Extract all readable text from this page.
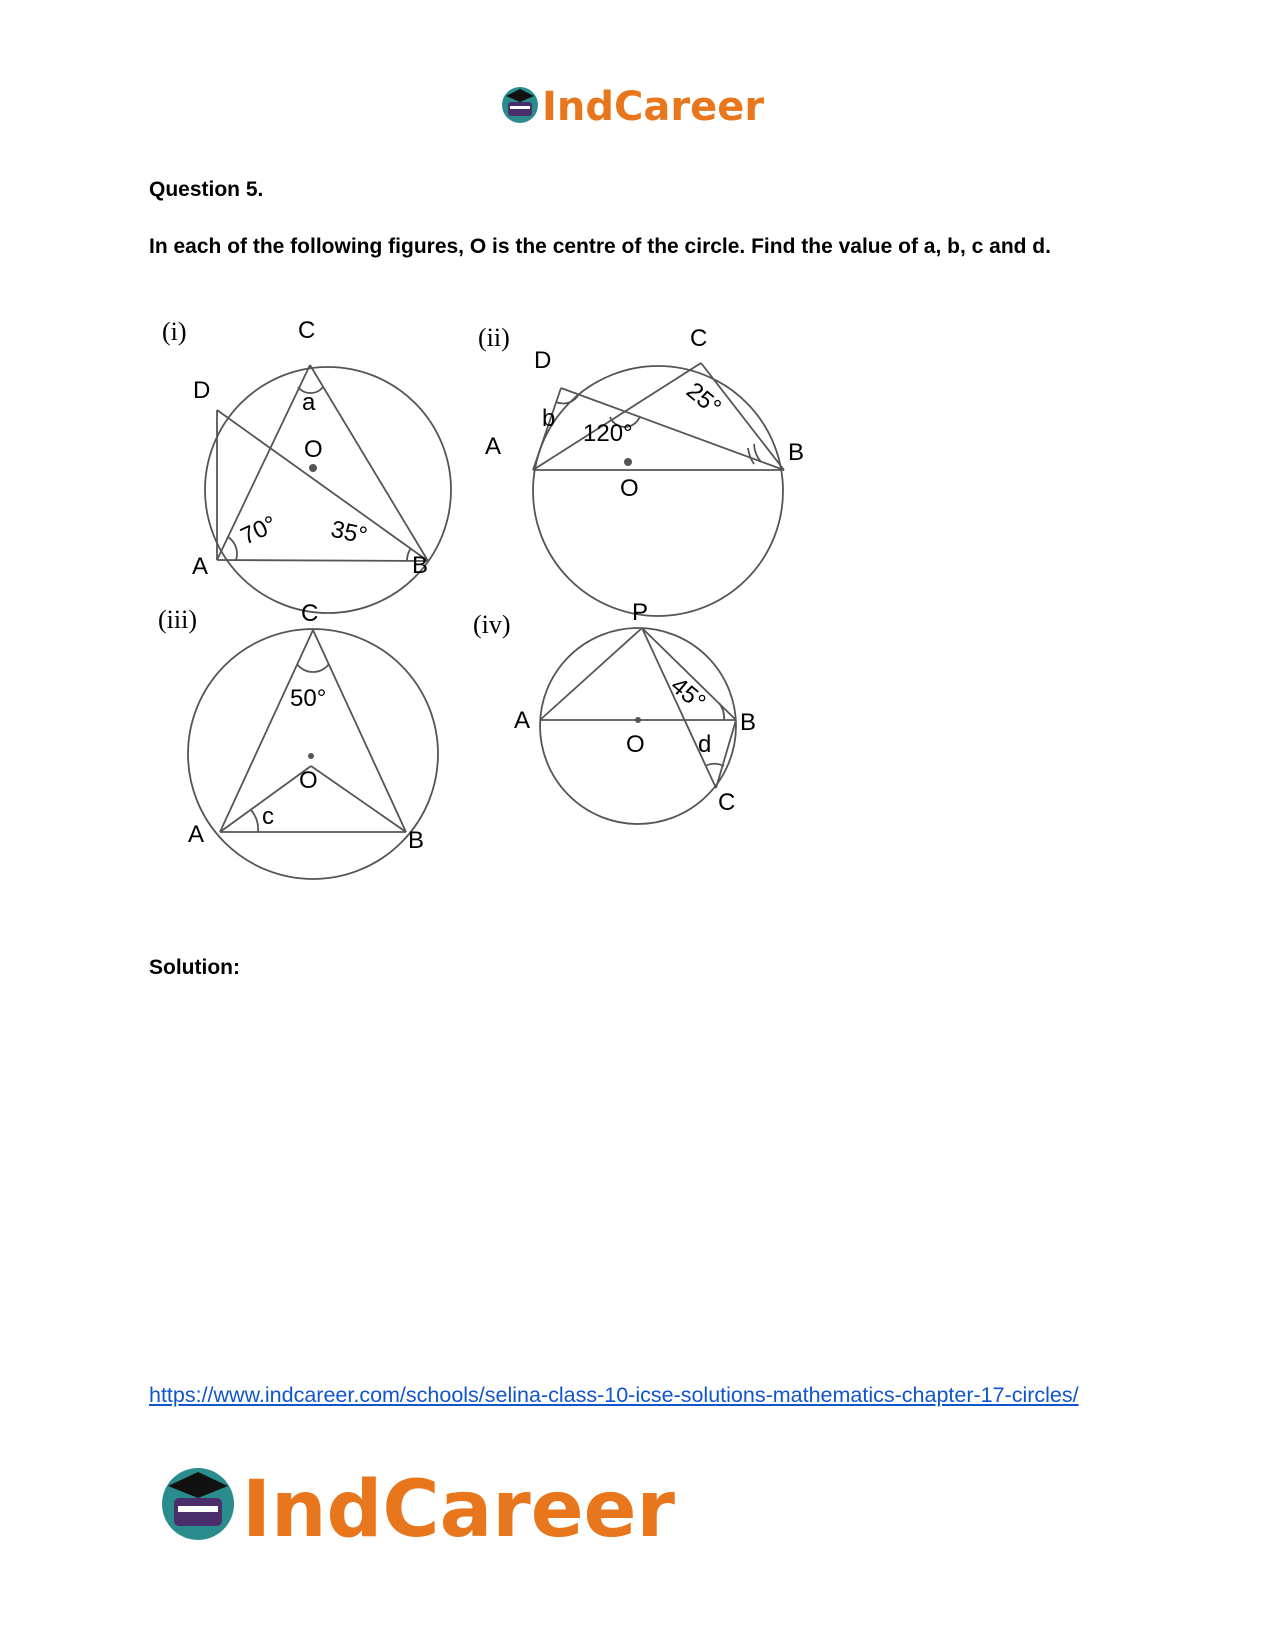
IndCareer
Question 5.
In each of the following figures, O is the centre of the circle. Find the value of a, b, c and d.
(i)	C
D	a
O
70° 35°
A	B
(ii)
D
C
b
120°
25°
A	B
O
(iii)	C
50°
O
c
A	B
(iv)	P
45°
A
O d
B
C
Solution:
https://www.indcareer.com/schools/selina-class-10-icse-solutions-mathematics-chapter-17-circles/
IndCareer
